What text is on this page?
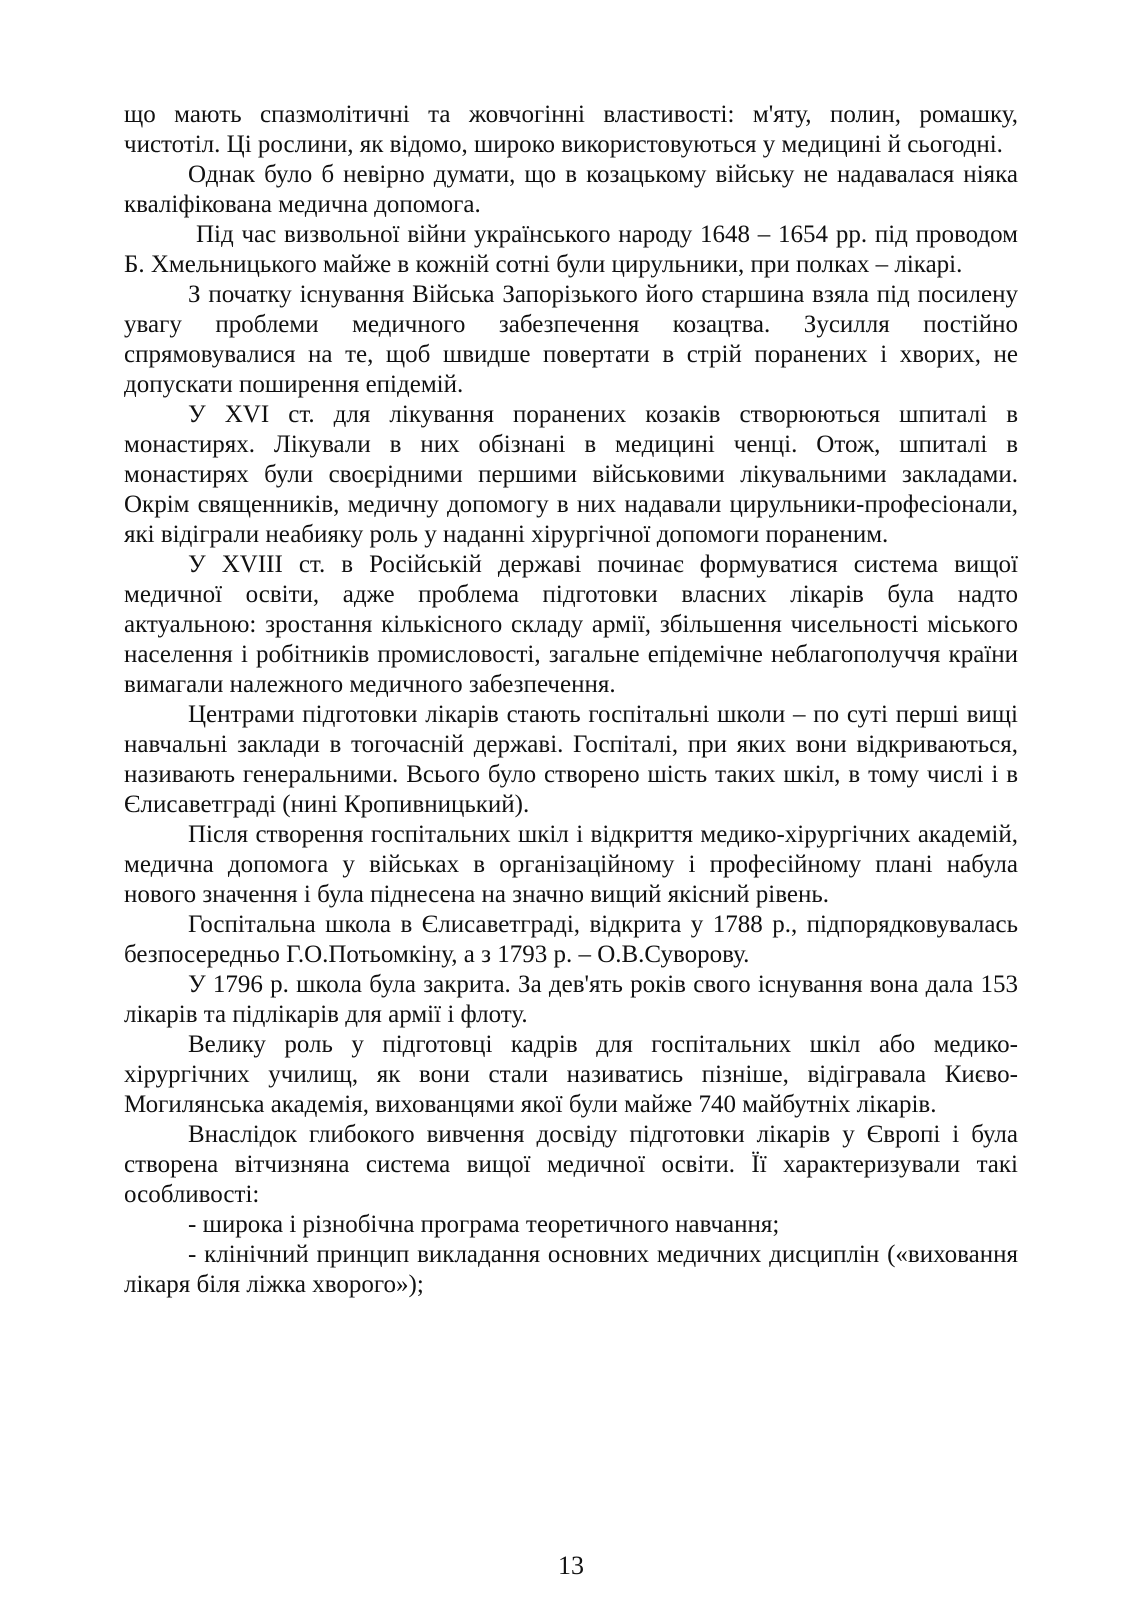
що мають спазмолітичні та жовчогінні властивості: м'яту, полин, ромашку, чистотіл. Ці рослини, як відомо, широко використовуються у медицині й сьогодні.

Однак було б невірно думати, що в козацькому війську не надавалася ніяка кваліфікована медична допомога.

Під час визвольної війни українського народу 1648 – 1654 рр. під проводом Б. Хмельницького майже в кожній сотні були цирульники, при полках – лікарі.

З початку існування Війська Запорізького його старшина взяла під посилену увагу проблеми медичного забезпечення козацтва. Зусилля постійно спрямовувалися на те, щоб швидше повертати в стрій поранених і хворих, не допускати поширення епідемій.

У XVI ст. для лікування поранених козаків створюються шпиталі в монастирях. Лікували в них обізнані в медицині ченці. Отож, шпиталі в монастирях були своєрідними першими військовими лікувальними закладами. Окрім священників, медичну допомогу в них надавали цирульники-професіонали, які відіграли неабияку роль у наданні хірургічної допомоги пораненим.

У XVIII ст. в Російській державі починає формуватися система вищої медичної освіти, адже проблема підготовки власних лікарів була надто актуальною: зростання кількісного складу армії, збільшення чисельності міського населення і робітників промисловості, загальне епідемічне неблагополуччя країни вимагали належного медичного забезпечення.

Центрами підготовки лікарів стають госпітальні школи – по суті перші вищі навчальні заклади в тогочасній державі. Госпіталі, при яких вони відкриваються, називають генеральними. Всього було створено шість таких шкіл, в тому числі і в Єлисаветграді (нині Кропивницький).

Після створення госпітальних шкіл і відкриття медико-хірургічних академій, медична допомога у військах в організаційному і професійному плані набула нового значення і була піднесена на значно вищий якісний рівень.

Госпітальна школа в Єлисаветграді, відкрита у 1788 р., підпорядковувалась безпосередньо Г.О.Потьомкіну, а з 1793 р. – О.В.Суворову.

У 1796 р. школа була закрита. За дев'ять років свого існування вона дала 153 лікарів та підлікарів для армії і флоту.

Велику роль у підготовці кадрів для госпітальних шкіл або медико-хірургічних училищ, як вони стали називатись пізніше, відігравала Києво-Могилянська академія, вихованцями якої були майже 740 майбутніх лікарів.

Внаслідок глибокого вивчення досвіду підготовки лікарів у Європі і була створена вітчизняна система вищої медичної освіти. Її характеризували такі особливості:

- широка і різнобічна програма теоретичного навчання;

- клінічний принцип викладання основних медичних дисциплін («виховання лікаря біля ліжка хворого»);

13
